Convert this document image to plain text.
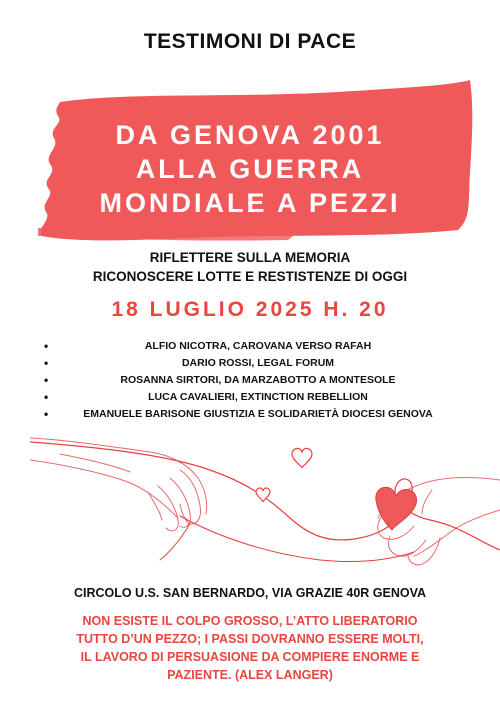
TESTIMONI DI PACE
DA GENOVA 2001
ALLA GUERRA
MONDIALE A PEZZI
RIFLETTERE SULLA MEMORIA
RICONOSCERE LOTTE E RESTISTENZE DI OGGI
18 LUGLIO 2025 H. 20
•	ALFIO NICOTRA, CAROVANA VERSO RAFAH
•	DARIO ROSSI, LEGAL FORUM
•	ROSANNA SIRTORI, DA MARZABOTTO A MONTESOLE
•	LUCA CAVALIERI, EXTINCTION REBELLION
•	EMANUELE BARISONE GIUSTIZIA E SOLIDARIETÀ DIOCESI GENOVA
CIRCOLO U.S. SAN BERNARDO, VIA GRAZIE 40R GENOVA
NON ESISTE IL COLPO GROSSO, L’ATTO LIBERATORIO
TUTTO D’UN PEZZO; I PASSI DOVRANNO ESSERE MOLTI,
IL LAVORO DI PERSUASIONE DA COMPIERE ENORME E
PAZIENTE. (ALEX LANGER)
